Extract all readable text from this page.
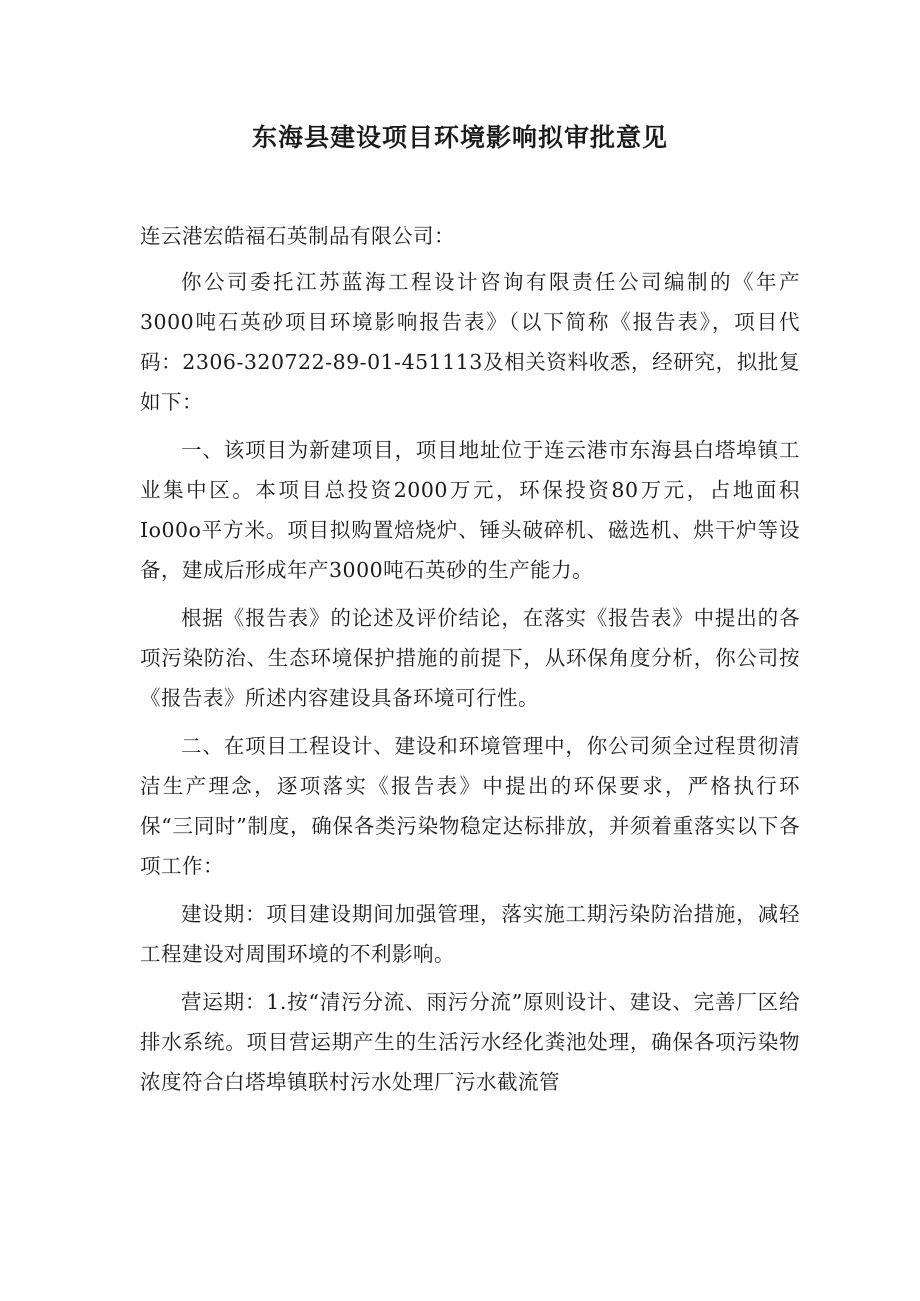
东海县建设项目环境影响拟审批意见

连云港宏皓福石英制品有限公司：

你公司委托江苏蓝海工程设计咨询有限责任公司编制的《年产3000吨石英砂项目环境影响报告表》（以下简称《报告表》，项目代码：2306-320722-89-01-451113及相关资料收悉，经研究，拟批复如下：

一、该项目为新建项目，项目地址位于连云港市东海县白塔埠镇工业集中区。本项目总投资2000万元，环保投资80万元，占地面积Io00o平方米。项目拟购置焙烧炉、锤头破碎机、磁选机、烘干炉等设备，建成后形成年产3000吨石英砂的生产能力。

根据《报告表》的论述及评价结论，在落实《报告表》中提出的各项污染防治、生态环境保护措施的前提下，从环保角度分析，你公司按《报告表》所述内容建设具备环境可行性。

二、在项目工程设计、建设和环境管理中，你公司须全过程贯彻清洁生产理念，逐项落实《报告表》中提出的环保要求，严格执行环保“三同时”制度，确保各类污染物稳定达标排放，并须着重落实以下各项工作：

建设期：项目建设期间加强管理，落实施工期污染防治措施，减轻工程建设对周围环境的不利影响。

营运期：1.按“清污分流、雨污分流”原则设计、建设、完善厂区给排水系统。项目营运期产生的生活污水经化粪池处理，确保各项污染物浓度符合白塔埠镇联村污水处理厂污水截流管
